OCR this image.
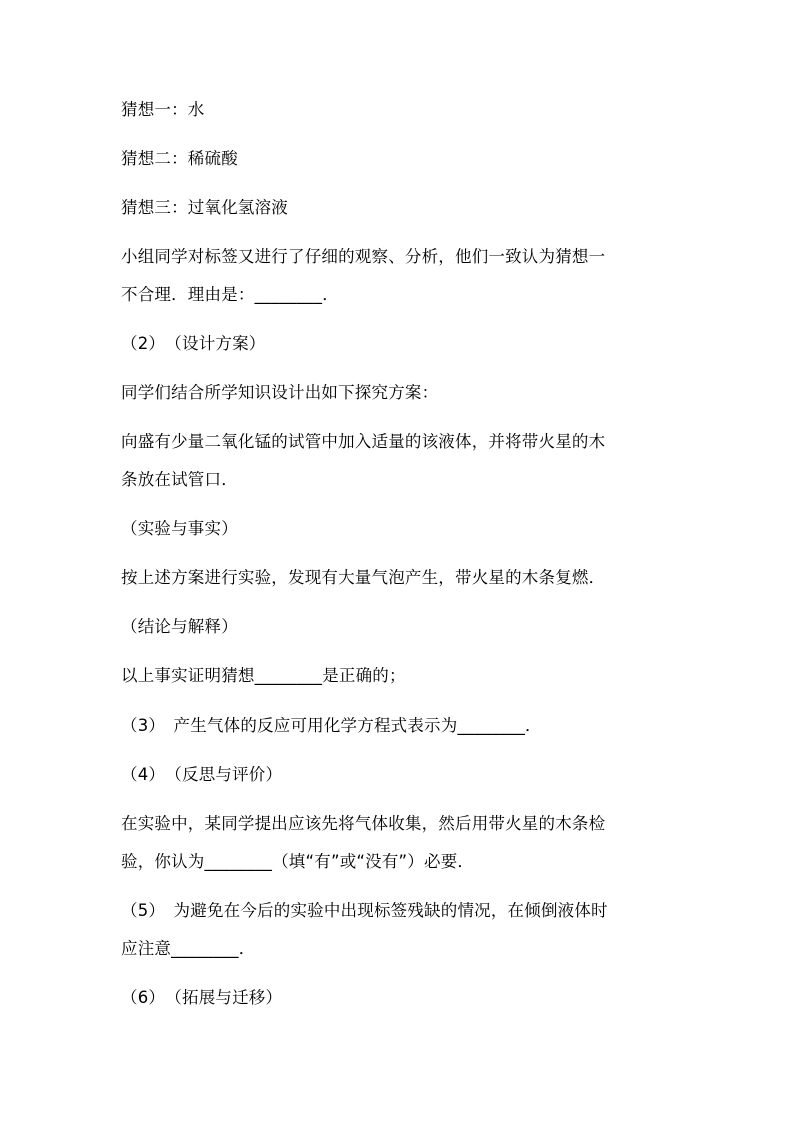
猜想一：水
猜想二：稀硫酸
猜想三：过氧化氢溶液
小组同学对标签又进行了仔细的观察、分析，他们一致认为猜想一
不合理．理由是：________．
（2）　（设计方案）
同学们结合所学知识设计出如下探究方案：
向盛有少量二氧化锰的试管中加入适量的该液体，并将带火星的木
条放在试管口．
（实验与事实）
按上述方案进行实验，发现有大量气泡产生，带火星的木条复燃．
（结论与解释）
以上事实证明猜想________是正确的；
（3）　产生气体的反应可用化学方程式表示为________．
（4）　（反思与评价）
在实验中，某同学提出应该先将气体收集，然后用带火星的木条检
验，你认为________（填“有”或“没有”）必要．
（5）　为避免在今后的实验中出现标签残缺的情况，在倾倒液体时
应注意________．
（6）　（拓展与迁移）
